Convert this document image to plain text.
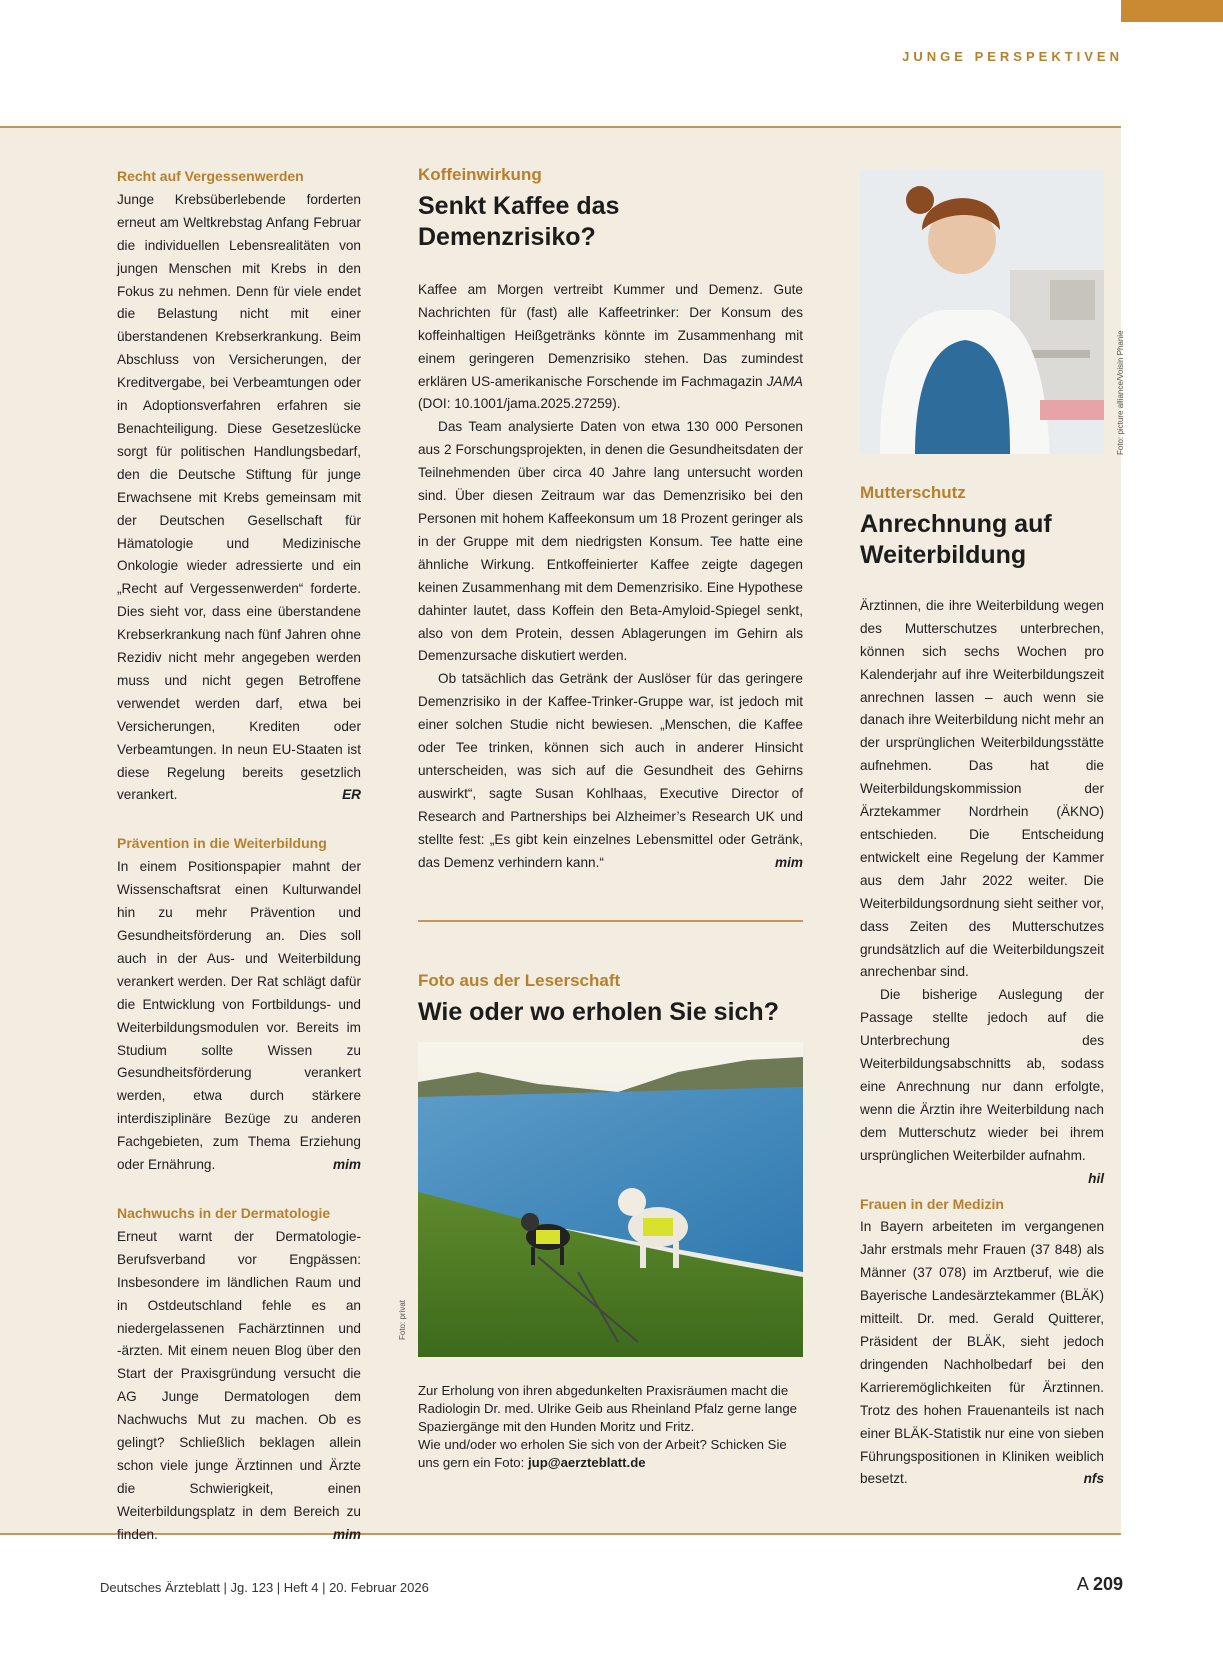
JUNGE PERSPEKTIVEN
Recht auf Vergessenwerden

Junge Krebsüberlebende forderten erneut am Weltkrebstag Anfang Februar die individuellen Lebensrealitäten von jungen Menschen mit Krebs in den Fokus zu nehmen. Denn für viele endet die Belastung nicht mit einer überstandenen Krebserkrankung. Beim Abschluss von Versicherungen, der Kreditvergabe, bei Verbeamtungen oder in Adoptionsverfahren erfahren sie Benachteiligung. Diese Gesetzeslücke sorgt für politischen Handlungsbedarf, den die Deutsche Stiftung für junge Erwachsene mit Krebs gemeinsam mit der Deutschen Gesellschaft für Hämatologie und Medizinische Onkologie wieder adressierte und ein „Recht auf Vergessenwerden“ forderte. Dies sieht vor, dass eine überstandene Krebserkrankung nach fünf Jahren ohne Rezidiv nicht mehr angegeben werden muss und nicht gegen Betroffene verwendet werden darf, etwa bei Versicherungen, Krediten oder Verbeamtungen. In neun EU-Staaten ist diese Regelung bereits gesetzlich verankert.	ER

Prävention in die Weiterbildung

In einem Positionspapier mahnt der Wissenschaftsrat einen Kulturwandel hin zu mehr Prävention und Gesundheitsförderung an. Dies soll auch in der Aus- und Weiterbildung verankert werden. Der Rat schlägt dafür die Entwicklung von Fortbildungs- und Weiterbildungsmodulen vor. Bereits im Studium sollte Wissen zu Gesundheitsförderung verankert werden, etwa durch stärkere interdisziplinäre Bezüge zu anderen Fachgebieten, zum Thema Erziehung oder Ernährung.	mim

Nachwuchs in der Dermatologie

Erneut warnt der Dermatologie-Berufsverband vor Engpässen: Insbesondere im ländlichen Raum und in Ostdeutschland fehle es an niedergelassenen Fachärztinnen und -ärzten. Mit einem neuen Blog über den Start der Praxisgründung versucht die AG Junge Dermatologen dem Nachwuchs Mut zu machen. Ob es gelingt? Schließlich beklagen allein schon viele junge Ärztinnen und Ärzte die Schwierigkeit, einen Weiterbildungsplatz in dem Bereich zu finden.	mim

Koffeinwirkung
Senkt Kaffee das Demenzrisiko?

Kaffee am Morgen vertreibt Kummer und Demenz. Gute Nachrichten für (fast) alle Kaffeetrinker: Der Konsum des koffeinhaltigen Heißgetränks könnte im Zusammenhang mit einem geringeren Demenzrisiko stehen. Das zumindest erklären US-amerikanische Forschende im Fachmagazin JAMA (DOI: 10.1001/jama.2025.27259).

Das Team analysierte Daten von etwa 130 000 Personen aus 2 Forschungsprojekten, in denen die Gesundheitsdaten der Teilnehmenden über circa 40 Jahre lang untersucht worden sind. Über diesen Zeitraum war das Demenzrisiko bei den Personen mit hohem Kaffeekonsum um 18 Prozent geringer als in der Gruppe mit dem niedrigsten Konsum. Tee hatte eine ähnliche Wirkung. Entkoffeinierter Kaffee zeigte dagegen keinen Zusammenhang mit dem Demenzrisiko. Eine Hypothese dahinter lautet, dass Koffein den Beta-Amyloid-Spiegel senkt, also von dem Protein, dessen Ablagerungen im Gehirn als Demenzursache diskutiert werden.

Ob tatsächlich das Getränk der Auslöser für das geringere Demenzrisiko in der Kaffee-Trinker-Gruppe war, ist jedoch mit einer solchen Studie nicht bewiesen. „Menschen, die Kaffee oder Tee trinken, können sich auch in anderer Hinsicht unterscheiden, was sich auf die Gesundheit des Gehirns auswirkt“, sagte Susan Kohlhaas, Executive Director of Research and Partnerships bei Alzheimer’s Research UK und stellte fest: „Es gibt kein einzelnes Lebensmittel oder Getränk, das Demenz verhindern kann.“	mim

Foto aus der Leserschaft
Wie oder wo erholen Sie sich?
Foto: privat
Zur Erholung von ihren abgedunkelten Praxisräumen macht die Radiologin Dr. med. Ulrike Geib aus Rheinland Pfalz gerne lange Spaziergänge mit den Hunden Moritz und Fritz.
Wie und/oder wo erholen Sie sich von der Arbeit? Schicken Sie uns gern ein Foto: jup@aerzteblatt.de
Foto: picture alliance/Voisin Phanie
Mutterschutz
Anrechnung auf Weiterbildung

Ärztinnen, die ihre Weiterbildung wegen des Mutterschutzes unterbrechen, können sich sechs Wochen pro Kalenderjahr auf ihre Weiterbildungszeit anrechnen lassen – auch wenn sie danach ihre Weiterbildung nicht mehr an der ursprünglichen Weiterbildungsstätte aufnehmen. Das hat die Weiterbildungskommission der Ärztekammer Nordrhein (ÄKNO) entschieden. Die Entscheidung entwickelt eine Regelung der Kammer aus dem Jahr 2022 weiter. Die Weiterbildungsordnung sieht seither vor, dass Zeiten des Mutterschutzes grundsätzlich auf die Weiterbildungszeit anrechenbar sind.

Die bisherige Auslegung der Passage stellte jedoch auf die Unterbrechung des Weiterbildungsabschnitts ab, sodass eine Anrechnung nur dann erfolgte, wenn die Ärztin ihre Weiterbildung nach dem Mutterschutz wieder bei ihrem ursprünglichen Weiterbilder aufnahm.
hil

Frauen in der Medizin

In Bayern arbeiteten im vergangenen Jahr erstmals mehr Frauen (37 848) als Männer (37 078) im Arztberuf, wie die Bayerische Landesärztekammer (BLÄK) mitteilt. Dr. med. Gerald Quitterer, Präsident der BLÄK, sieht jedoch dringenden Nachholbedarf bei den Karrieremöglichkeiten für Ärztinnen. Trotz des hohen Frauenanteils ist nach einer BLÄK-Statistik nur eine von sieben Führungspositionen in Kliniken weiblich besetzt.	nfs

Deutsches Ärzteblatt | Jg. 123 | Heft 4 | 20. Februar 2026	A 209
